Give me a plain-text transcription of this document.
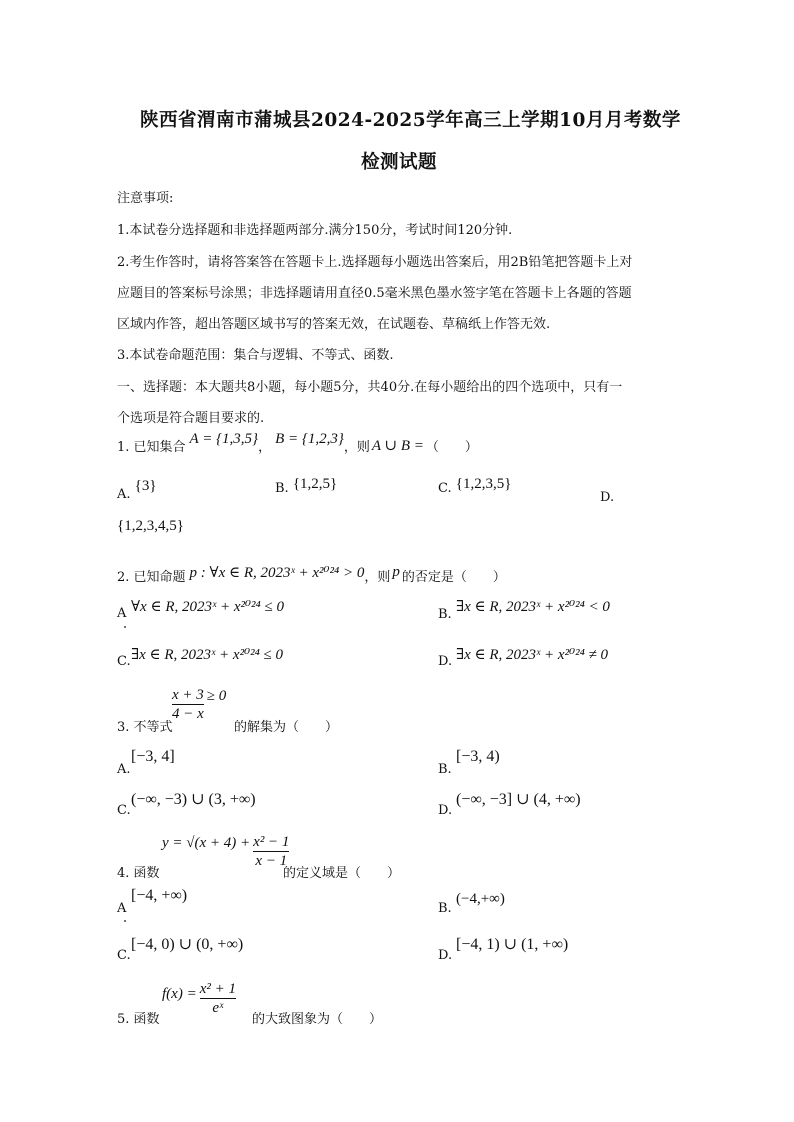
陕西省渭南市蒲城县2024-2025学年高三上学期10月月考数学
检测试题
注意事项:
1.本试卷分选择题和非选择题两部分.满分150分，考试时间120分钟.
2.考生作答时，请将答案答在答题卡上.选择题每小题选出答案后，用2B铅笔把答题卡上对
应题目的答案标号涂黑；非选择题请用直径0.5毫米黑色墨水签字笔在答题卡上各题的答题
区域内作答，超出答题区域书写的答案无效，在试题卷、草稿纸上作答无效.
3.本试卷命题范围：集合与逻辑、不等式、函数.
一、选择题：本大题共8小题，每小题5分，共40分.在每小题给出的四个选项中，只有一
个选项是符合题目要求的.
1. 已知集合
A = {1,3,5}
，
B = {1,2,3}
，则 A ∪ B = （　　）
A. {3}	B. {1,2,5}	C. {1,2,3,5}
D.
{1,2,3,4,5}
2. 已知命题 p : ∀x ∈ R, 2023ˣ + x²⁰²⁴ > 0 ，则 p 的否定是（　　）
A ∀x ∈ R, 2023ˣ + x²⁰²⁴ ≤ 0	B. ∃x ∈ R, 2023ˣ + x²⁰²⁴ < 0
C. ∃x ∈ R, 2023ˣ + x²⁰²⁴ ≤ 0	D. ∃x ∈ R, 2023ˣ + x²⁰²⁴ ≠ 0
3. 不等式
$\frac{x + 3}{4 - x} \ge 0$
的解集为（　　）
A.
[−3, 4]
B.
[−3, 4)
C.
(−∞, −3) ∪ (3, +∞)
D.
(−∞, −3] ∪ (4, +∞)
4. 函数
$y = √(x + 4) + \frac{\text{x² − 1}}{x - 1}$
的定义域是（　　）
A
[−4, +∞)
B.
(−4,+∞)
C.
[−4, 0) ∪ (0, +∞)
D.
[−4, 1) ∪ (1, +∞)
5. 函数
$f(x) = \frac{\text{x² + 1}}{\text{eˣ}}$
的大致图象为（　　）
